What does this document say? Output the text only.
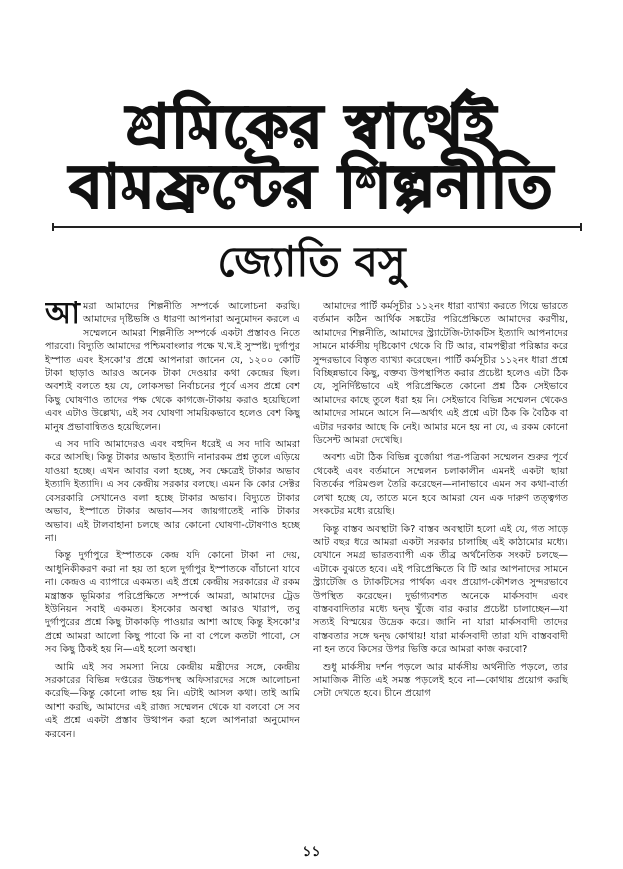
শ্রমিকের স্বার্থেই
বামফ্রন্টের শিল্পনীতি
জ্যোতি বসু

আমরা আমাদের শিল্পনীতি সম্পর্কে আলোচনা করছি। আমাদের দৃষ্টিভঙ্গি ও ধারণা আপনারা অনুমোদন করলে এ সম্মেলনে আমরা শিল্পনীতি সম্পর্কে একটা প্রস্তাবও নিতে পারবো। বিদ্যুতি আমাদের পশ্চিমবাংলার পক্ষে খ.খ.ই সুস্পষ্ট। দুর্গাপুর ইস্পাত এবং ইসকো'র প্রশ্নে আপনারা জানেন যে, ১২০০ কোটি টাকা ছাড়াও আরও অনেক টাকা দেওয়ার কথা কেন্দ্রের ছিল। অবশ্যই বলতে হয় যে, লোকসভা নির্বাচনের পূর্বে এসব প্রশ্নে বেশ কিছু ঘোষণাও তাদের পক্ষ থেকে কাগজে-টাকায় করাও হয়েছিলো এবং এটাও উল্লেখ্য, এই সব ঘোষণা সাময়িকভাবে হলেও বেশ কিছু মানুষ প্রভাবান্বিতও হয়েছিলেন।

এ সব দাবি আমাদেরও এবং বহুদিন ধরেই এ সব দাবি আমরা করে আসছি। কিন্তু টাকার অভাব ইত্যাদি নানারকম প্রশ্ন তুলে এড়িয়ে যাওয়া হচ্ছে। এখন আবার বলা হচ্ছে, সব ক্ষেত্রেই টাকার অভাব ইত্যাদি ইত্যাদি। এ সব কেন্দ্রীয় সরকার বলছে। এমন কি কোর সেক্টর বেসরকারি সেখানেও বলা হচ্ছে টাকার অভাব। বিদ্যুতে টাকার অভাব, ইস্পাতে টাকার অভাব—সব জায়গাতেই নাকি টাকার অভাব। এই টালবাহানা চলছে আর কোনো ঘোষণা-টোষণাও হচ্ছে না।

কিন্তু দুর্গাপুরে ইস্পাতকে কেন্দ্র যদি কোনো টাকা না দেয়, আধুনিকীকরণ করা না হয় তা হলে দুর্গাপুর ইস্পাতকে বাঁচানো যাবে না। কেন্দ্রও এ ব্যাপারে একমত। এই প্রশ্নে কেন্দ্রীয় সরকারের ঐ রকম মন্ত্রাস্তক ভূমিকার পরিপ্রেক্ষিতে সম্পর্কে আমরা, আমাদের ট্রেড ইউনিয়ন সবাই একমত। ইসকোর অবস্থা আরও খারাপ, তবু দুর্গাপুরের প্রশ্নে কিছু টাকাকড়ি পাওয়ার আশা আছে কিন্তু ইসকো'র প্রশ্নে আমরা আলো কিছু পাবো কি না বা পেলে কতটা পাবো, সে সব কিছু ঠিকই হয় নি—এই হলো অবস্থা।

আমি এই সব সমস্যা নিয়ে কেন্দ্রীয় মন্ত্রীদের সঙ্গে, কেন্দ্রীয় সরকারের বিভিন্ন দপ্তরের উচ্চপদস্থ অফিসারদের সঙ্গে আলোচনা করেছি—কিন্তু কোনো লাভ হয় নি। এটাই আসল কথা। তাই আমি আশা করছি, আমাদের এই রাজ্য সম্মেলন থেকে যা বলবো সে সব এই প্রশ্নে একটা প্রস্তাব উত্থাপন করা হলে আপনারা অনুমোদন করবেন।

আমাদের পার্টি কর্মসূচীর ১১২নং ধারা ব্যাখ্যা করতে গিয়ে ভারতে বর্তমান কঠিন আর্থিক সঙ্কটের পরিপ্রেক্ষিতে আমাদের করণীয়, আমাদের শিল্পনীতি, আমাদের স্ট্র্যাটেজি-ট্যাকটিস ইত্যাদি আপনাদের সামনে মার্কসীয় দৃষ্টিকোণ থেকে বি টি আর, বামপন্থীরা পরিষ্কার করে সুন্দরভাবে বিস্তৃত ব্যাখ্যা করেছেন। পার্টি কর্মসূচীর ১১২নং ধারা প্রশ্নে বিচ্ছিন্নভাবে কিছু, বক্তব্য উপস্থাপিত করার প্রচেষ্টা হলেও এটা ঠিক যে, সুনির্দিষ্টভাবে এই পরিপ্রেক্ষিতে কোনো প্রশ্ন ঠিক সেইভাবে আমাদের কাছে তুলে ধরা হয় নি। সেইভাবে বিভিন্ন সম্মেলন থেকেও আমাদের সামনে আসে নি—অর্থাৎ এই প্রশ্নে এটা ঠিক কি বৈঠিক বা এটার দরকার আছে কি নেই। আমার মনে হয় না যে, এ রকম কোনো ডিসেন্ট আমরা দেখেছি।

অবশ্য এটা ঠিক বিভিন্ন বুর্জোয়া পত্র-পত্রিকা সম্মেলন শুরুর পূর্বে থেকেই এবং বর্তমানে সম্মেলন চলাকালীন এমনই একটা ছায়া বিতর্কের পরিমণ্ডল তৈরি করেছেন—নানাভাবে এমন সব কথা-বার্তা লেখা হচ্ছে যে, তাতে মনে হবে আমরা যেন এক দারুণ তত্ত্বগত সংকটের মধ্যে রয়েছি।

কিন্তু বাস্তব অবস্থাটা কি? বাস্তব অবস্থাটা হলো এই যে, গত সাড়ে আট বছর ধরে আমরা একটা সরকার চালাচ্ছি এই কাঠামোর মধ্যে। যেখানে সমগ্র ভারতব্যাপী এক তীব্র অর্থনৈতিক সংকট চলছে—এটাকে বুঝতে হবে। এই পরিপ্রেক্ষিতে বি টি আর আপনাদের সামনে স্ট্র্যাটেজি ও ট্যাকটিসের পার্থক্য এবং প্রয়োগ-কৌশলও সুন্দরভাবে উপস্থিত করেছেন। দুর্ভাগ্যবশত অনেকে মার্কসবাদ এবং বাস্তববাদিতার মধ্যে দ্বন্দ্ব খুঁজে বার করার প্রচেষ্টা চালাচ্ছেন—যা সত্যই বিস্ময়ের উদ্রেক করে। জানি না যারা মার্কসবাদী তাদের বাস্তবতার সঙ্গে দ্বন্দ্ব কোথায়! যারা মার্কসবাদী তারা যদি বাস্তববাদী না হন তবে কিসের উপর ভিত্তি করে আমরা কাজ করবো?

শুধু মার্কসীয় দর্শন পড়লে আর মার্কসীয় অর্থনীতি পড়লে, তার সামাজিক নীতি এই সমস্ত পড়লেই হবে না—কোথায় প্রয়োগ করছি সেটা দেখতে হবে। চীনে প্রয়োগ

১১
